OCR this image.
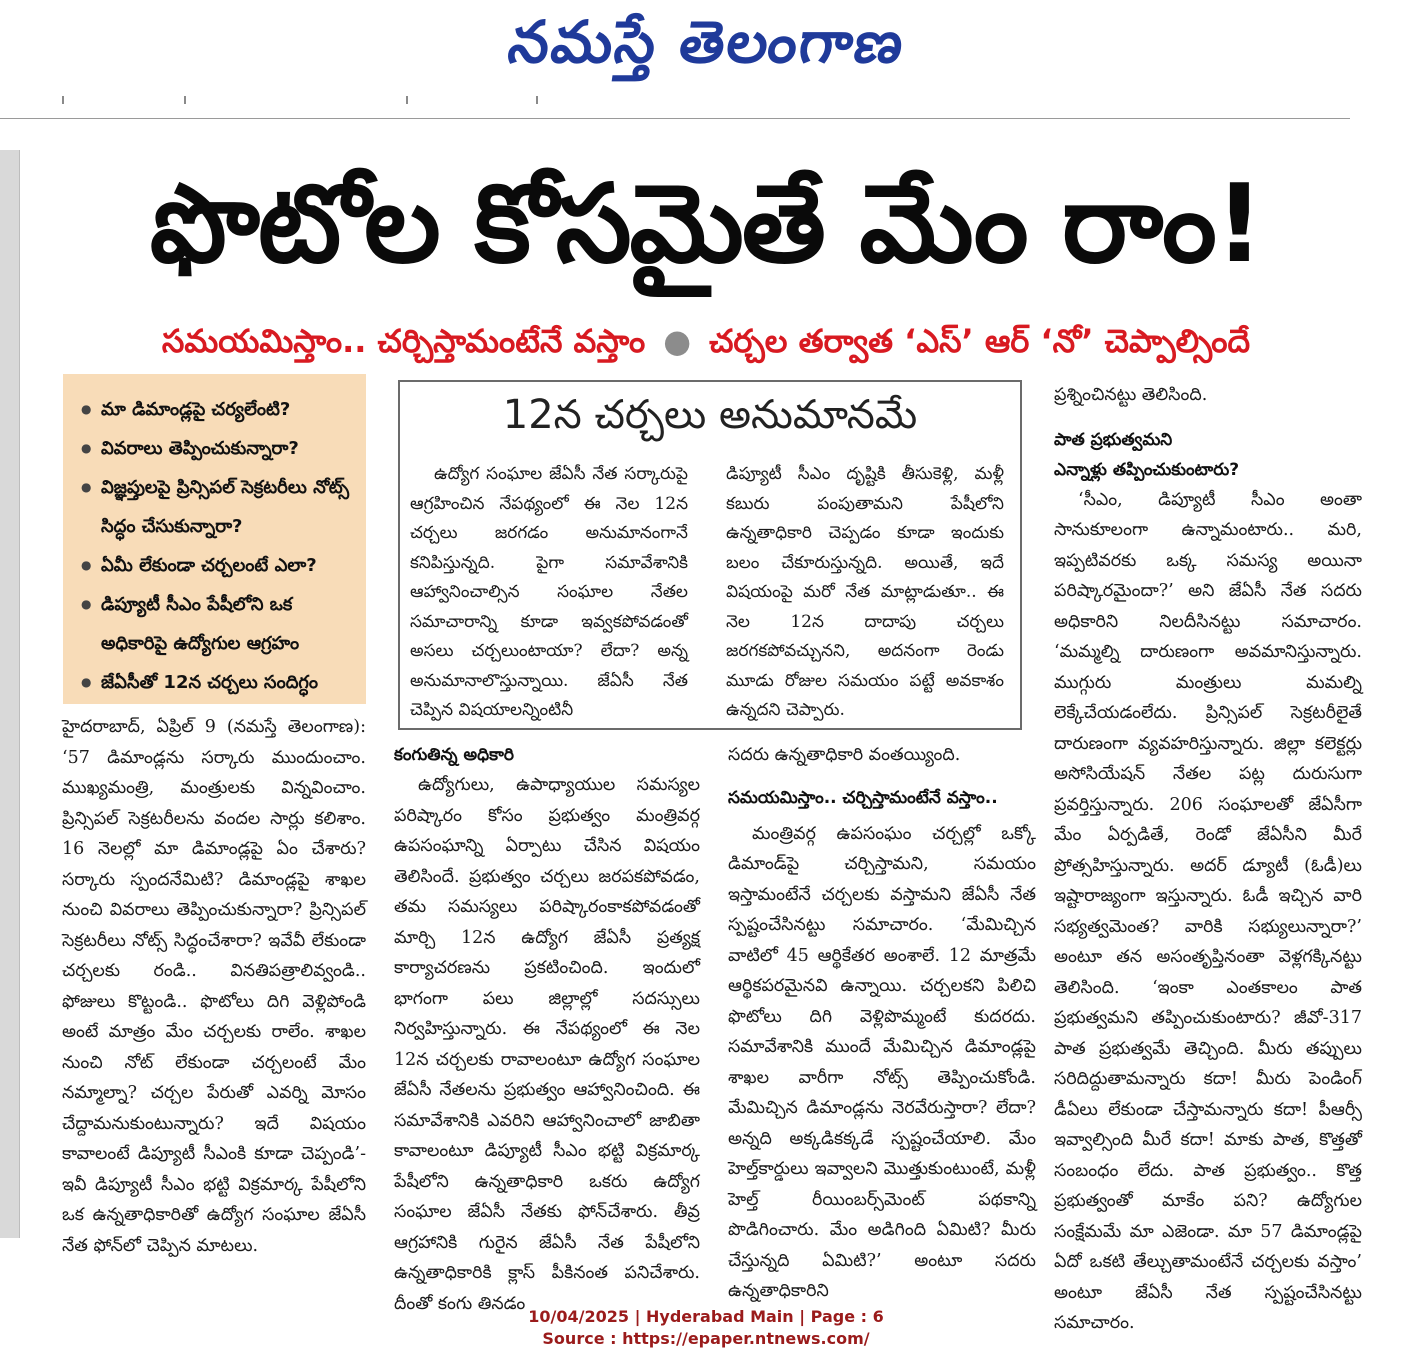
నమస్తే తెలంగాణ
ఫొటోల కోసమైతే మేం రాం!
సమయమిస్తాం.. చర్చిస్తామంటేనే వస్తాం ● చర్చల తర్వాత ‘ఎస్’ ఆర్ ‘నో’ చెప్పాల్సిందే
● మా డిమాండ్లపై చర్యలేంటి?
● వివరాలు తెప్పించుకున్నారా?
● విజ్ఞప్తులపై ప్రిన్సిపల్ సెక్రటరీలు నోట్స్ సిద్ధం చేసుకున్నారా?
● ఏమీ లేకుండా చర్చలంటే ఎలా?
● డిప్యూటీ సీఎం పేషీలోని ఒక అధికారిపై ఉద్యోగుల ఆగ్రహం
● జేఏసీతో 12న చర్చలు సందిగ్ధం

హైదరాబాద్, ఏప్రిల్ 9 (నమస్తే తెలంగాణ): ‘57 డిమాండ్లను సర్కారు ముందుంచాం. ముఖ్యమంత్రి, మంత్రులకు విన్నవించాం. ప్రిన్సిపల్ సెక్రటరీలను వందల సార్లు కలిశాం. 16 నెలల్లో మా డిమాండ్లపై ఏం చేశారు? సర్కారు స్పందనేమిటి? డిమాండ్లపై శాఖల నుంచి వివరాలు తెప్పించుకున్నారా? ప్రిన్సిపల్ సెక్రటరీలు నోట్స్ సిద్ధంచేశారా? ఇవేవీ లేకుండా చర్చలకు రండి.. వినతిపత్రాలివ్వండి.. ఫోజులు కొట్టండి.. ఫొటోలు దిగి వెళ్లిపోండి అంటే మాత్రం మేం చర్చలకు రాలేం. శాఖల నుంచి నోట్ లేకుండా చర్చలంటే మేం నమ్మాల్నా? చర్చల పేరుతో ఎవర్ని మోసం చేద్దామనుకుంటున్నారు? ఇదే విషయం కావాలంటే డిప్యూటీ సీఎంకి కూడా చెప్పండి’- ఇవీ డిప్యూటీ సీఎం భట్టి విక్రమార్క పేషీలోని ఒక ఉన్నతాధికారితో ఉద్యోగ సంఘాల జేఏసీ నేత ఫోన్‌లో చెప్పిన మాటలు.

12న చర్చలు అనుమానమే
ఉద్యోగ సంఘాల జేఏసీ నేత సర్కారుపై ఆగ్రహించిన నేపథ్యంలో ఈ నెల 12న చర్చలు జరగడం అనుమానంగానే కనిపిస్తున్నది. పైగా సమావేశానికి ఆహ్వానించాల్సిన సంఘాల నేతల సమాచారాన్ని కూడా ఇవ్వకపోవడంతో అసలు చర్చలుంటాయా? లేదా? అన్న అనుమానాలొస్తున్నాయి. జేఏసీ నేత చెప్పిన విషయాలన్నింటినీ
డిప్యూటీ సీఎం దృష్టికి తీసుకెళ్లి, మళ్లీ కబురు పంపుతామని పేషీలోని ఉన్నతాధికారి చెప్పడం కూడా ఇందుకు బలం చేకూరుస్తున్నది. అయితే, ఇదే విషయంపై మరో నేత మాట్లాడుతూ.. ఈ నెల 12న దాదాపు చర్చలు జరగకపోవచ్చునని, అదనంగా రెండు మూడు రోజుల సమయం పట్టే అవకాశం ఉన్నదని చెప్పారు.

కంగుతిన్న అధికారి

ఉద్యోగులు, ఉపాధ్యాయుల సమస్యల పరిష్కారం కోసం ప్రభుత్వం మంత్రివర్గ ఉపసంఘాన్ని ఏర్పాటు చేసిన విషయం తెలిసిందే. ప్రభుత్వం చర్చలు జరపకపోవడం, తమ సమస్యలు పరిష్కారంకాకపోవడంతో మార్చి 12న ఉద్యోగ జేఏసీ ప్రత్యక్ష కార్యాచరణను ప్రకటించింది. ఇందులో భాగంగా పలు జిల్లాల్లో సదస్సులు నిర్వహిస్తున్నారు. ఈ నేపథ్యంలో ఈ నెల 12న చర్చలకు రావాలంటూ ఉద్యోగ సంఘాల జేఏసీ నేతలను ప్రభుత్వం ఆహ్వానించింది. ఈ సమావేశానికి ఎవరిని ఆహ్వానించాలో జాబితా కావాలంటూ డిప్యూటీ సీఎం భట్టి విక్రమార్క పేషీలోని ఉన్నతాధికారి ఒకరు ఉద్యోగ సంఘాల జేఏసీ నేతకు ఫోన్‌చేశారు. తీవ్ర ఆగ్రహానికి గురైన జేఏసీ నేత పేషీలోని ఉన్నతాధికారికి క్లాస్ పీకినంత పనిచేశారు. దీంతో కంగు తినడం

సదరు ఉన్నతాధికారి వంతయ్యింది.

సమయమిస్తాం.. చర్చిస్తామంటేనే వస్తాం..

మంత్రివర్గ ఉపసంఘం చర్చల్లో ఒక్కో డిమాండ్‌పై చర్చిస్తామని, సమయం ఇస్తామంటేనే చర్చలకు వస్తామని జేఏసీ నేత స్పష్టంచేసినట్టు సమాచారం. ‘మేమిచ్చిన వాటిలో 45 ఆర్థికేతర అంశాలే. 12 మాత్రమే ఆర్థికపరమైనవి ఉన్నాయి. చర్చలకని పిలిచి ఫొటోలు దిగి వెళ్లిపొమ్మంటే కుదరదు. సమావేశానికి ముందే మేమిచ్చిన డిమాండ్లపై శాఖల వారీగా నోట్స్ తెప్పించుకోండి. మేమిచ్చిన డిమాండ్లను నెరవేరుస్తారా? లేదా? అన్నది అక్కడికక్కడే స్పష్టంచేయాలి. మేం హెల్త్‌కార్డులు ఇవ్వాలని మొత్తుకుంటుంటే, మళ్లీ హెల్త్ రీయింబర్స్‌మెంట్ పథకాన్ని పొడిగించారు. మేం అడిగింది ఏమిటి? మీరు చేస్తున్నది ఏమిటి?’ అంటూ సదరు ఉన్నతాధికారిని

ప్రశ్నించినట్టు తెలిసింది.

పాత ప్రభుత్వమని

ఎన్నాళ్లు తప్పించుకుంటారు?

‘సీఎం, డిప్యూటీ సీఎం అంతా సానుకూలంగా ఉన్నామంటారు.. మరి, ఇప్పటివరకు ఒక్క సమస్య అయినా పరిష్కారమైందా?’ అని జేఏసీ నేత సదరు అధికారిని నిలదీసినట్టు సమాచారం. ‘మమ్మల్ని దారుణంగా అవమానిస్తున్నారు. ముగ్గురు మంత్రులు మమల్ని లెక్కేచేయడంలేదు. ప్రిన్సిపల్ సెక్రటరీలైతే దారుణంగా వ్యవహరిస్తున్నారు. జిల్లా కలెక్టర్లు అసోసియేషన్ నేతల పట్ల దురుసుగా ప్రవర్తిస్తున్నారు. 206 సంఘాలతో జేఏసీగా మేం ఏర్పడితే, రెండో జేఏసీని మీరే ప్రోత్సహిస్తున్నారు. అదర్ డ్యూటీ (ఓడీ)లు ఇష్టారాజ్యంగా ఇస్తున్నారు. ఓడీ ఇచ్చిన వారి సభ్యత్వమెంత? వారికి సభ్యులున్నారా?’ అంటూ తన అసంతృప్తినంతా వెళ్లగక్కినట్టు తెలిసింది. ‘ఇంకా ఎంతకాలం పాత ప్రభుత్వమని తప్పించుకుంటారు? జీవో-317 పాత ప్రభుత్వమే తెచ్చింది. మీరు తప్పులు సరిదిద్దుతామన్నారు కదా! మీరు పెండింగ్ డీఏలు లేకుండా చేస్తామన్నారు కదా! పీఆర్సీ ఇవ్వాల్సింది మీరే కదా! మాకు పాత, కొత్తతో సంబంధం లేదు. పాత ప్రభుత్వం.. కొత్త ప్రభుత్వంతో మాకేం పని? ఉద్యోగుల సంక్షేమమే మా ఎజెండా. మా 57 డిమాండ్లపై ఏదో ఒకటి తేల్చుతామంటేనే చర్చలకు వస్తాం’ అంటూ జేఏసీ నేత స్పష్టంచేసినట్టు సమాచారం.

10/04/2025 | Hyderabad Main | Page : 6
Source : https://epaper.ntnews.com/
